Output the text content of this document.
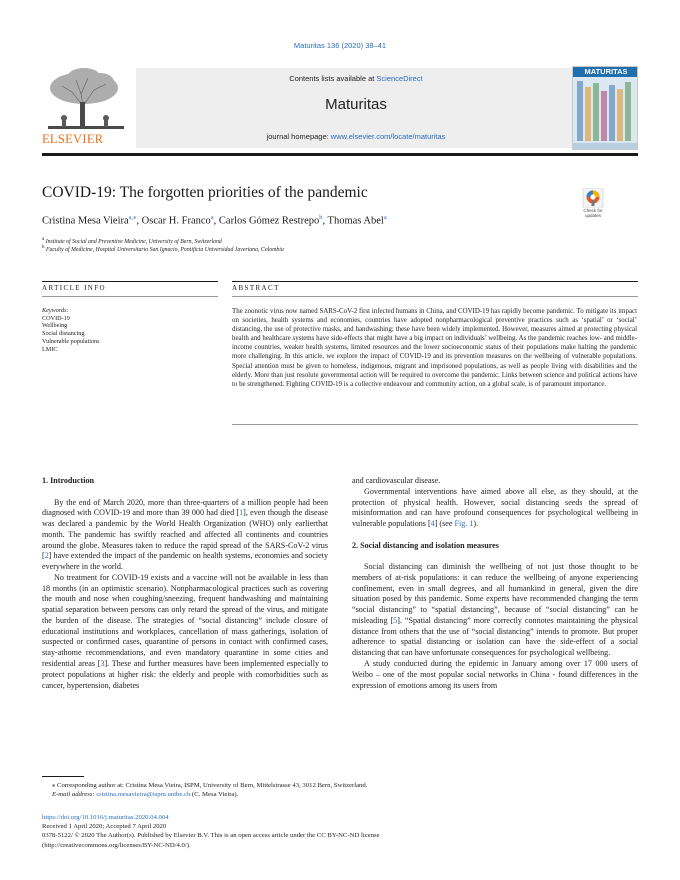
Maturitas 136 (2020) 38–41
ELSEVIER
Contents lists available at ScienceDirect
Maturitas
journal homepage: www.elsevier.com/locate/maturitas
MATURITAS
COVID-19: The forgotten priorities of the pandemic
Check for
updates
Cristina Mesa Vieira$^{a,⁎}$, Oscar H. Franco$^a$, Carlos Gómez Restrepo$^b$, Thomas Abel$^a$
$^a$ Institute of Social and Preventive Medicine, University of Bern, Switzerland
$^b$ Faculty of Medicine, Hospital Universitario San Ignacio, Pontificia Universidad Javeriana, Colombia
ARTICLE INFO	ABSTRACT
Keywords:
COVID-19
Wellbeing
Social distancing
Vulnerable populations
LMIC
The zoonotic virus now named SARS-CoV-2 first infected humans in China, and COVID-19 has rapidly become pandemic. To mitigate its impact on societies, health systems and economies, countries have adopted nonpharmacological preventive practices such as ‘spatial’ or ‘social’ distancing, the use of protective masks, and handwashing; these have been widely implemented. However, measures aimed at protecting physical health and healthcare systems have side-effects that might have a big impact on individuals’ wellbeing. As the pandemic reaches low- and middle-income countries, weaker health systems, limited resources and the lower socioeconomic status of their populations make halting the pandemic more challenging. In this article, we explore the impact of COVID-19 and its prevention measures on the wellbeing of vulnerable populations. Special attention must be given to homeless, indigenous, migrant and imprisoned populations, as well as people living with disabilities and the elderly. More than just resolute governmental action will be required to overcome the pandemic. Links between science and political actions have to be strengthened. Fighting COVID-19 is a collective endeavour and community action, on a global scale, is of paramount importance.
1. Introduction

By the end of March 2020, more than three-quarters of a million people had been diagnosed with COVID-19 and more than 39 000 had died [1], even though the disease was declared a pandemic by the World Health Organization (WHO) only earlierthat month. The pandemic has swiftly reached and affected all continents and countries around the globe. Measures taken to reduce the rapid spread of the SARS-CoV-2 virus [2] have extended the impact of the pandemic on health systems, economies and society everywhere in the world.

No treatment for COVID-19 exists and a vaccine will not be available in less than 18 months (in an optimistic scenario). Nonpharmacological practices such as covering the mouth and nose when coughing/sneezing, frequent handwashing and maintaining spatial separation between persons can only retard the spread of the virus, and mitigate the burden of the disease. The strategies of “social distancing” include closure of educational institutions and workplaces, cancellation of mass gatherings, isolation of suspected or confirmed cases, quarantine of persons in contact with confirmed cases, stay-athome recommendations, and even mandatory quarantine in some cities and residential areas [3]. These and further measures have been implemented especially to protect populations at higher risk: the elderly and people with comorbidities such as cancer, hypertension, diabetes

and cardiovascular disease.

Governmental interventions have aimed above all else, as they should, at the protection of physical health. However, social distancing seeds the spread of misinformation and can have profound consequences for psychological wellbeing in vulnerable populations [4] (see Fig. 1).

2. Social distancing and isolation measures

Social distancing can diminish the wellbeing of not just those thought to be members of at-risk populations: it can reduce the wellbeing of anyone experiencing confinement, even in small degrees, and all humankind in general, given the dire situation posed by this pandemic. Some experts have recommended changing the term “social distancing” to “spatial distancing”, because of “social distancing” can be misleading [5]. “Spatial distancing” more correctly connotes maintaining the physical distance from others that the use of “social distancing” intends to promote. But proper adherence to spatial distancing or isolation can have the side-effect of a social distancing that can have unfortunate consequences for psychological wellbeing.

A study conducted during the epidemic in January among over 17 000 users of Weibo – one of the most popular social networks in China - found differences in the expression of emotions among its users from

⁎ Corresponding author at: Cristina Mesa Vieira, ISPM, University of Bern, Mittelstrasse 43, 3012 Bern, Switzerland.
E-mail address: cristina.mesavieira@ispm.unibe.ch (C. Mesa Vieira).
https://doi.org/10.1016/j.maturitas.2020.04.004
Received 1 April 2020; Accepted 7 April 2020
0378-5122/ © 2020 The Author(s). Published by Elsevier B.V. This is an open access article under the CC BY-NC-ND license
(http://creativecommons.org/licenses/BY-NC-ND/4.0/).
